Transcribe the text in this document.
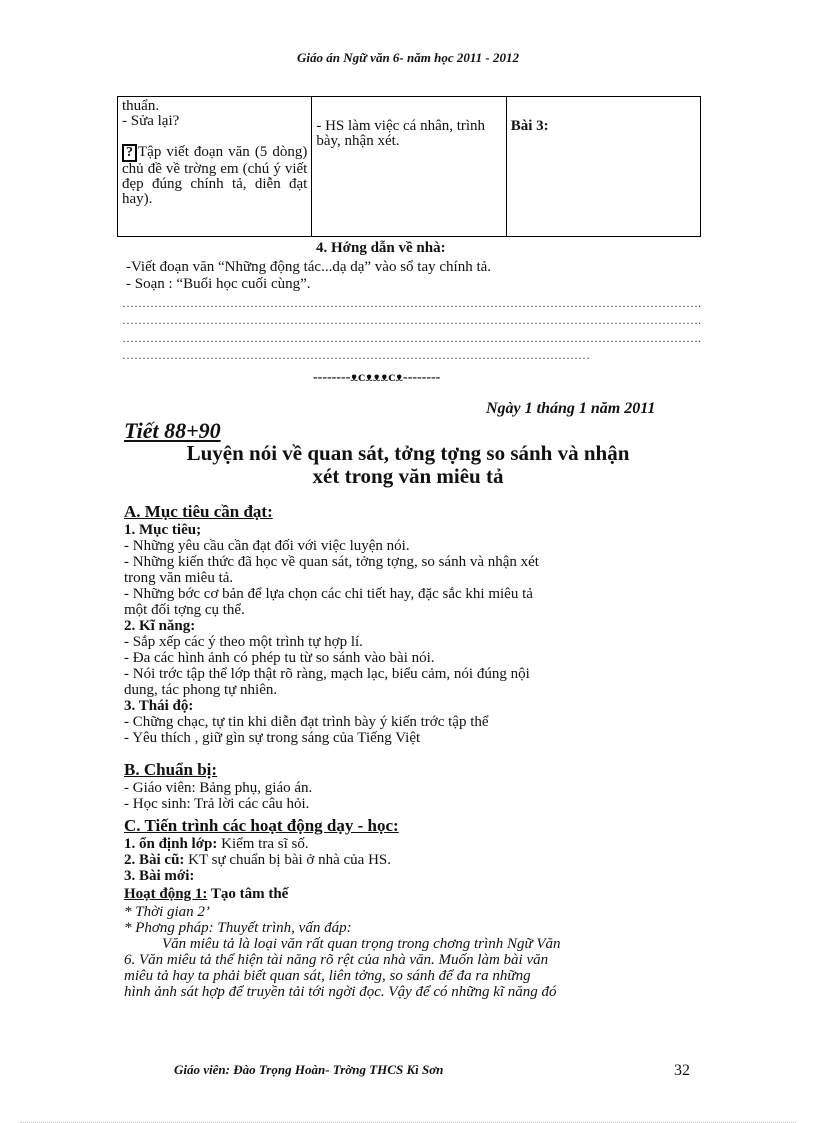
Giáo án Ngữ văn 6- năm học 2011 - 2012
thuẩn.
- Sửa lại?
? Tập viết đoạn văn (5 dòng) chủ đề về trờng em (chú ý viết đẹp đúng chính tả, diễn đạt hay).
	- HS làm việc cá nhân, trình bày, nhận xét.	Bài 3:
4. Hớng dẫn về nhà:
-Viết đoạn văn “Những động tác...dạ dạ” vào sổ tay chính tả.
- Soạn : “Buổi học cuối cùng”.
……………………………………………………………………………………………………………………………….
……………………………………………………………………………………………………………………………….
……………………………………………………………………………………………………………………………….
………………………………………………………………………………………………………
--------ᴥᴄᴥᴥᴥᴄᴥ--------
Ngày 1 tháng 1 năm 2011
Tiết 88+90
Luyện nói về quan sát, tởng tợng so sánh và nhận
xét trong văn miêu tả
A. Mục tiêu cần đạt:
1. Mục tiêu;
- Những yêu cầu cần đạt đối với việc luyện nói.
- Những kiến thức đã học về quan sát, tởng tợng, so sánh và nhận xét
trong văn miêu tả.
- Những bớc cơ bản để lựa chọn các chi tiết hay, đặc sắc khi miêu tả
một đối tợng cụ thể.
2. Kĩ năng:
- Sắp xếp các ý theo một trình tự hợp lí.
- Đa các hình ảnh có phép tu từ so sánh vào bài nói.
- Nói trớc tập thể lớp thật rõ ràng, mạch lạc, biểu cảm, nói đúng nội
dung, tác phong tự nhiên.
3. Thái độ:
- Chững chạc, tự tin khi diễn đạt trình bày ý kiến trớc tập thể
- Yêu thích , giữ gìn sự trong sáng của Tiếng Việt
B. Chuẩn bị:
- Giáo viên: Bảng phụ, giáo án.
- Học sinh: Trả lời các câu hỏi.
C. Tiến trình các hoạt động dạy - học:
1. ổn định lớp: Kiểm tra sĩ số.
2. Bài cũ: KT sự chuẩn bị bài ở nhà của HS.
3. Bài mới:
Hoạt động 1: Tạo tâm thế
* Thời gian 2’
* Phơng pháp: Thuyết trình, vấn đáp:
Văn miêu tả là loại văn rất quan trọng trong chơng trình Ngữ Văn
6. Văn miêu tả thể hiện tài năng rõ rệt của nhà văn. Muốn làm bài văn
miêu tả hay ta phải biết quan sát, liên tởng, so sánh để đa ra những
hình ảnh sát hợp để truyền tải tới ngời đọc. Vậy để có những kĩ năng đó
Giáo viên: Đào Trọng Hoàn- Trờng THCS Kì Sơn	32
